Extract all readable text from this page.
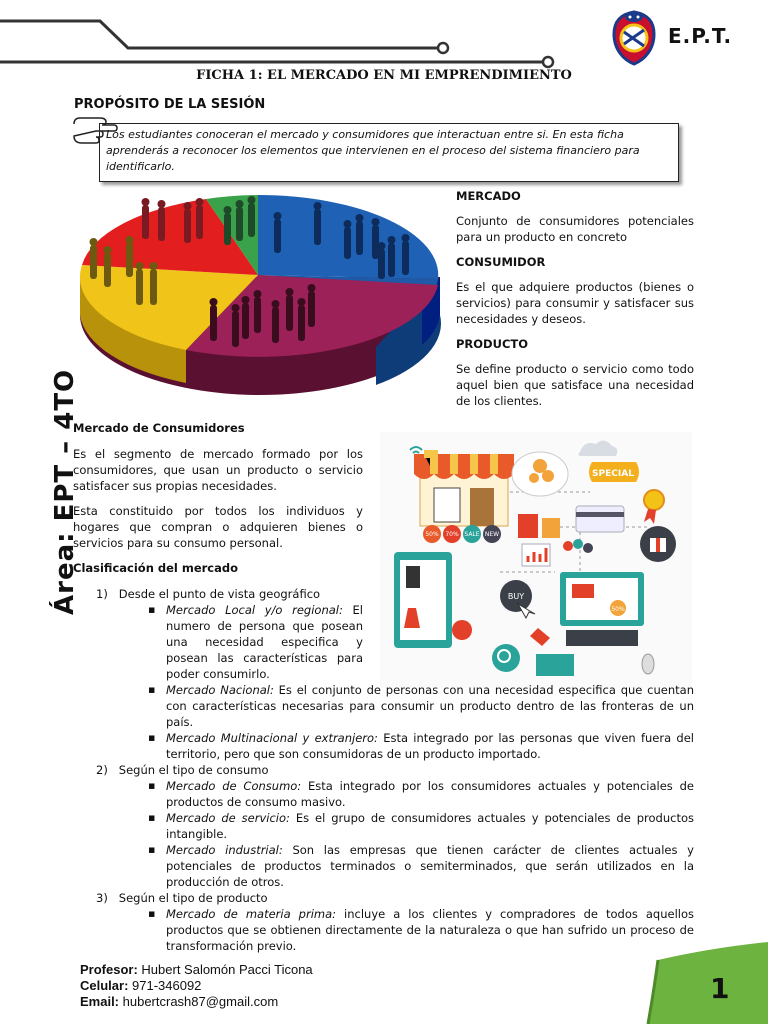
E.P.T.
FICHA 1: EL MERCADO EN MI EMPRENDIMIENTO
PROPÓSITO DE LA SESIÓN
Los estudiantes conoceran el mercado y consumidores que interactuan entre si. En esta ficha aprenderás a reconocer los elementos que intervienen en el proceso del sistema financiero para identificarlo.
MERCADO
Conjunto de consumidores potenciales para un producto en concreto
CONSUMIDOR
Es el que adquiere productos (bienes o servicios) para consumir y satisfacer sus necesidades y deseos.
PRODUCTO
Se define producto o servicio como todo aquel bien que satisface una necesidad de los clientes.
Área: EPT – 4TO
Mercado de Consumidores
Es el segmento de mercado formado por los consumidores, que usan un producto o servicio satisfacer sus propias necesidades.
Esta constituido por todos los individuos y hogares que compran o adquieren bienes o servicios para su consumo personal.
Clasificación del mercado
SPECIAL
50% 70% SALE NEW
BUY
50%
1)   Desde el punto de vista geográfico
▪ Mercado Local y/o regional: El numero de persona que posean una necesidad especifica y posean las características para poder consumirlo.
▪ Mercado Nacional: Es el conjunto de personas con una necesidad especifica que cuentan con características necesarias para consumir un producto dentro de las fronteras de un país.
▪ Mercado Multinacional y extranjero: Esta integrado por las personas que viven fuera del territorio, pero que son consumidoras de un producto importado.
2)   Según el tipo de consumo
▪ Mercado de Consumo: Esta integrado por los consumidores actuales y potenciales de productos de consumo masivo.
▪ Mercado de servicio: Es el grupo de consumidores actuales y potenciales de productos intangible.
▪ Mercado industrial: Son las empresas que tienen carácter de clientes actuales y potenciales de productos terminados o semiterminados, que serán utilizados en la producción de otros.
3)   Según el tipo de producto
▪ Mercado de materia prima: incluye a los clientes y compradores de todos aquellos productos que se obtienen directamente de la naturaleza o que han sufrido un proceso de transformación previo.
Profesor: Hubert Salomón Pacci Ticona
Celular: 971-346092
Email: hubertcrash87@gmail.com	1
